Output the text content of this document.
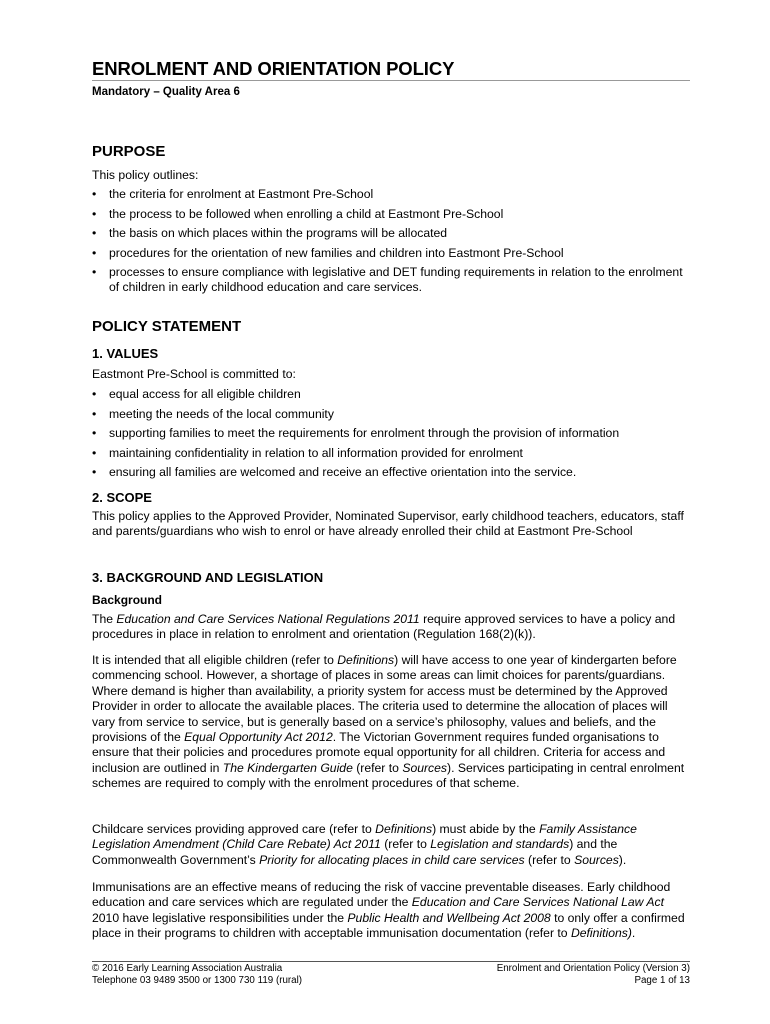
ENROLMENT AND ORIENTATION POLICY
Mandatory – Quality Area 6
PURPOSE
This policy outlines:
• the criteria for enrolment at Eastmont Pre-School
• the process to be followed when enrolling a child at Eastmont Pre-School
• the basis on which places within the programs will be allocated
• procedures for the orientation of new families and children into Eastmont Pre-School
• processes to ensure compliance with legislative and DET funding requirements in relation to the enrolment of children in early childhood education and care services.
POLICY STATEMENT
1. VALUES
Eastmont Pre-School is committed to:
• equal access for all eligible children
• meeting the needs of the local community
• supporting families to meet the requirements for enrolment through the provision of information
• maintaining confidentiality in relation to all information provided for enrolment
• ensuring all families are welcomed and receive an effective orientation into the service.
2. SCOPE
This policy applies to the Approved Provider, Nominated Supervisor, early childhood teachers, educators, staff and parents/guardians who wish to enrol or have already enrolled their child at Eastmont Pre-School
3. BACKGROUND AND LEGISLATION
Background
The Education and Care Services National Regulations 2011 require approved services to have a policy and procedures in place in relation to enrolment and orientation (Regulation 168(2)(k)).
It is intended that all eligible children (refer to Definitions) will have access to one year of kindergarten before commencing school. However, a shortage of places in some areas can limit choices for parents/guardians. Where demand is higher than availability, a priority system for access must be determined by the Approved Provider in order to allocate the available places. The criteria used to determine the allocation of places will vary from service to service, but is generally based on a service’s philosophy, values and beliefs, and the provisions of the Equal Opportunity Act 2012. The Victorian Government requires funded organisations to ensure that their policies and procedures promote equal opportunity for all children. Criteria for access and inclusion are outlined in The Kindergarten Guide (refer to Sources). Services participating in central enrolment schemes are required to comply with the enrolment procedures of that scheme.
Childcare services providing approved care (refer to Definitions) must abide by the Family Assistance Legislation Amendment (Child Care Rebate) Act 2011 (refer to Legislation and standards) and the Commonwealth Government’s Priority for allocating places in child care services (refer to Sources).
Immunisations are an effective means of reducing the risk of vaccine preventable diseases. Early childhood education and care services which are regulated under the Education and Care Services National Law Act 2010 have legislative responsibilities under the Public Health and Wellbeing Act 2008 to only offer a confirmed place in their programs to children with acceptable immunisation documentation (refer to Definitions).
© 2016 Early Learning Association Australia
Telephone 03 9489 3500 or 1300 730 119 (rural)
Enrolment and Orientation Policy (Version 3)
Page 1 of 13
